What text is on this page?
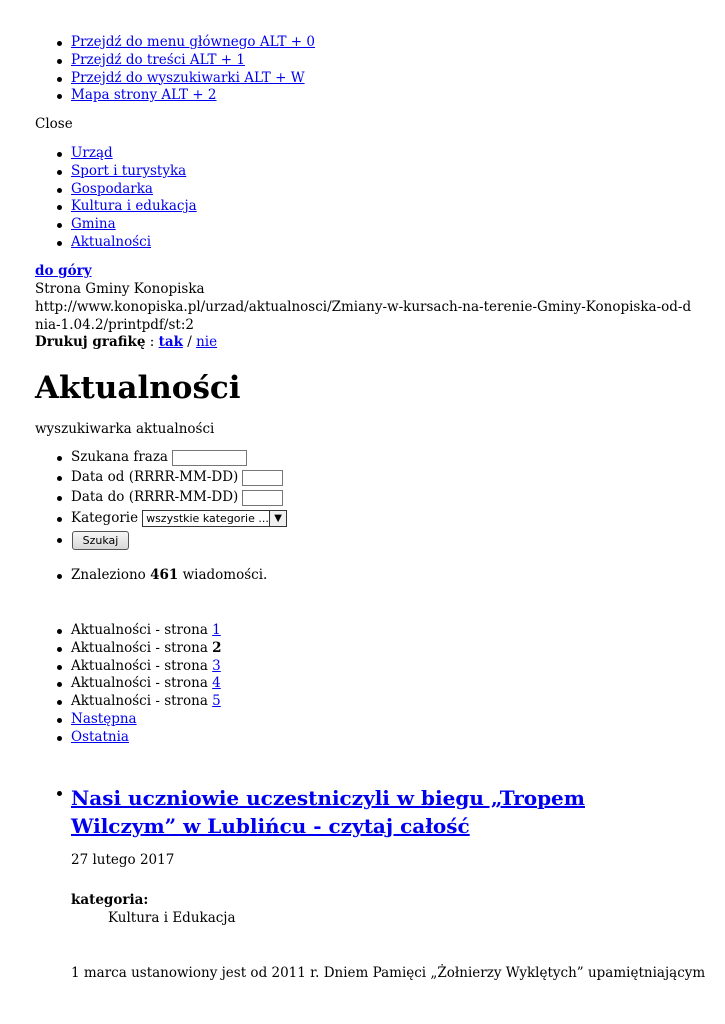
Przejdź do menu głównego ALT + 0
Przejdź do treści ALT + 1
Przejdź do wyszukiwarki ALT + W
Mapa strony ALT + 2
Close
Urząd
Sport i turystyka
Gospodarka
Kultura i edukacja
Gmina
Aktualności
do góry
Strona Gminy Konopiska
http://www.konopiska.pl/urzad/aktualnosci/Zmiany-w-kursach-na-terenie-Gminy-Konopiska-od-dnia-1.04.2/printpdf/st:2
Drukuj grafikę : tak / nie
Aktualności
wyszukiwarka aktualności
Szukana fraza
Data od (RRRR-MM-DD)
Data do (RRRR-MM-DD)
Kategorie wszystkie kategorie ... ▼
Szukaj
Znaleziono 461 wiadomości.
Aktualności - strona 1
Aktualności - strona 2
Aktualności - strona 3
Aktualności - strona 4
Aktualności - strona 5
Następna
Ostatnia
Nasi uczniowie uczestniczyli w biegu „Tropem Wilczym” w Lublińcu - czytaj całość
27 lutego 2017
kategoria:
Kultura i Edukacja
1 marca ustanowiony jest od 2011 r. Dniem Pamięci „Żołnierzy Wyklętych” upamiętniającym
